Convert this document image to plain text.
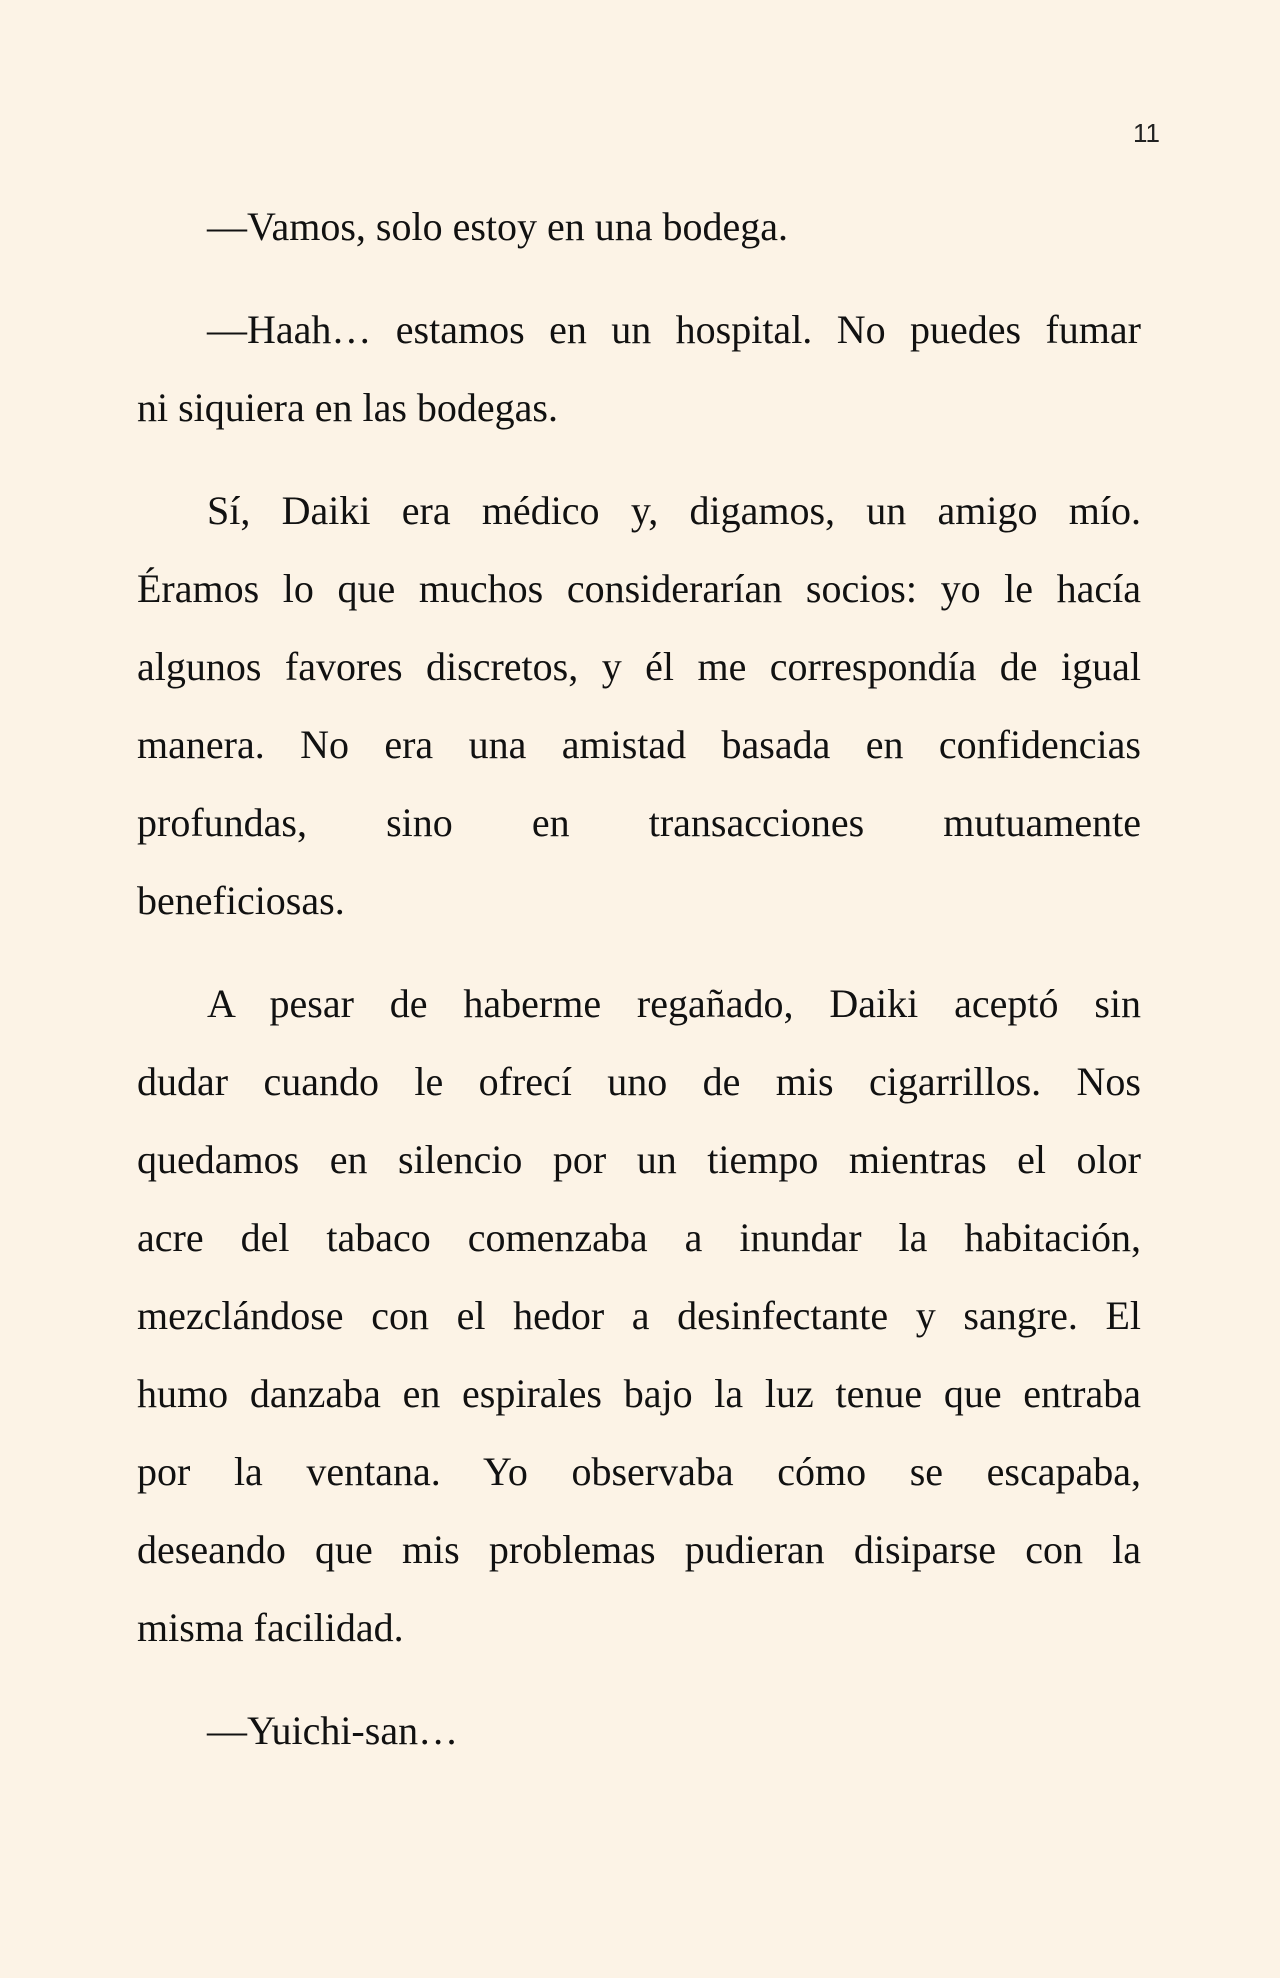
11
—Vamos, solo estoy en una bodega.
—Haah… estamos en un hospital. No puedes fumar
ni siquiera en las bodegas.
Sí, Daiki era médico y, digamos, un amigo mío.
Éramos lo que muchos considerarían socios: yo le hacía
algunos favores discretos, y él me correspondía de igual
manera. No era una amistad basada en confidencias
profundas, sino en transacciones mutuamente
beneficiosas.
A pesar de haberme regañado, Daiki aceptó sin
dudar cuando le ofrecí uno de mis cigarrillos. Nos
quedamos en silencio por un tiempo mientras el olor
acre del tabaco comenzaba a inundar la habitación,
mezclándose con el hedor a desinfectante y sangre. El
humo danzaba en espirales bajo la luz tenue que entraba
por la ventana. Yo observaba cómo se escapaba,
deseando que mis problemas pudieran disiparse con la
misma facilidad.
—Yuichi-san…
